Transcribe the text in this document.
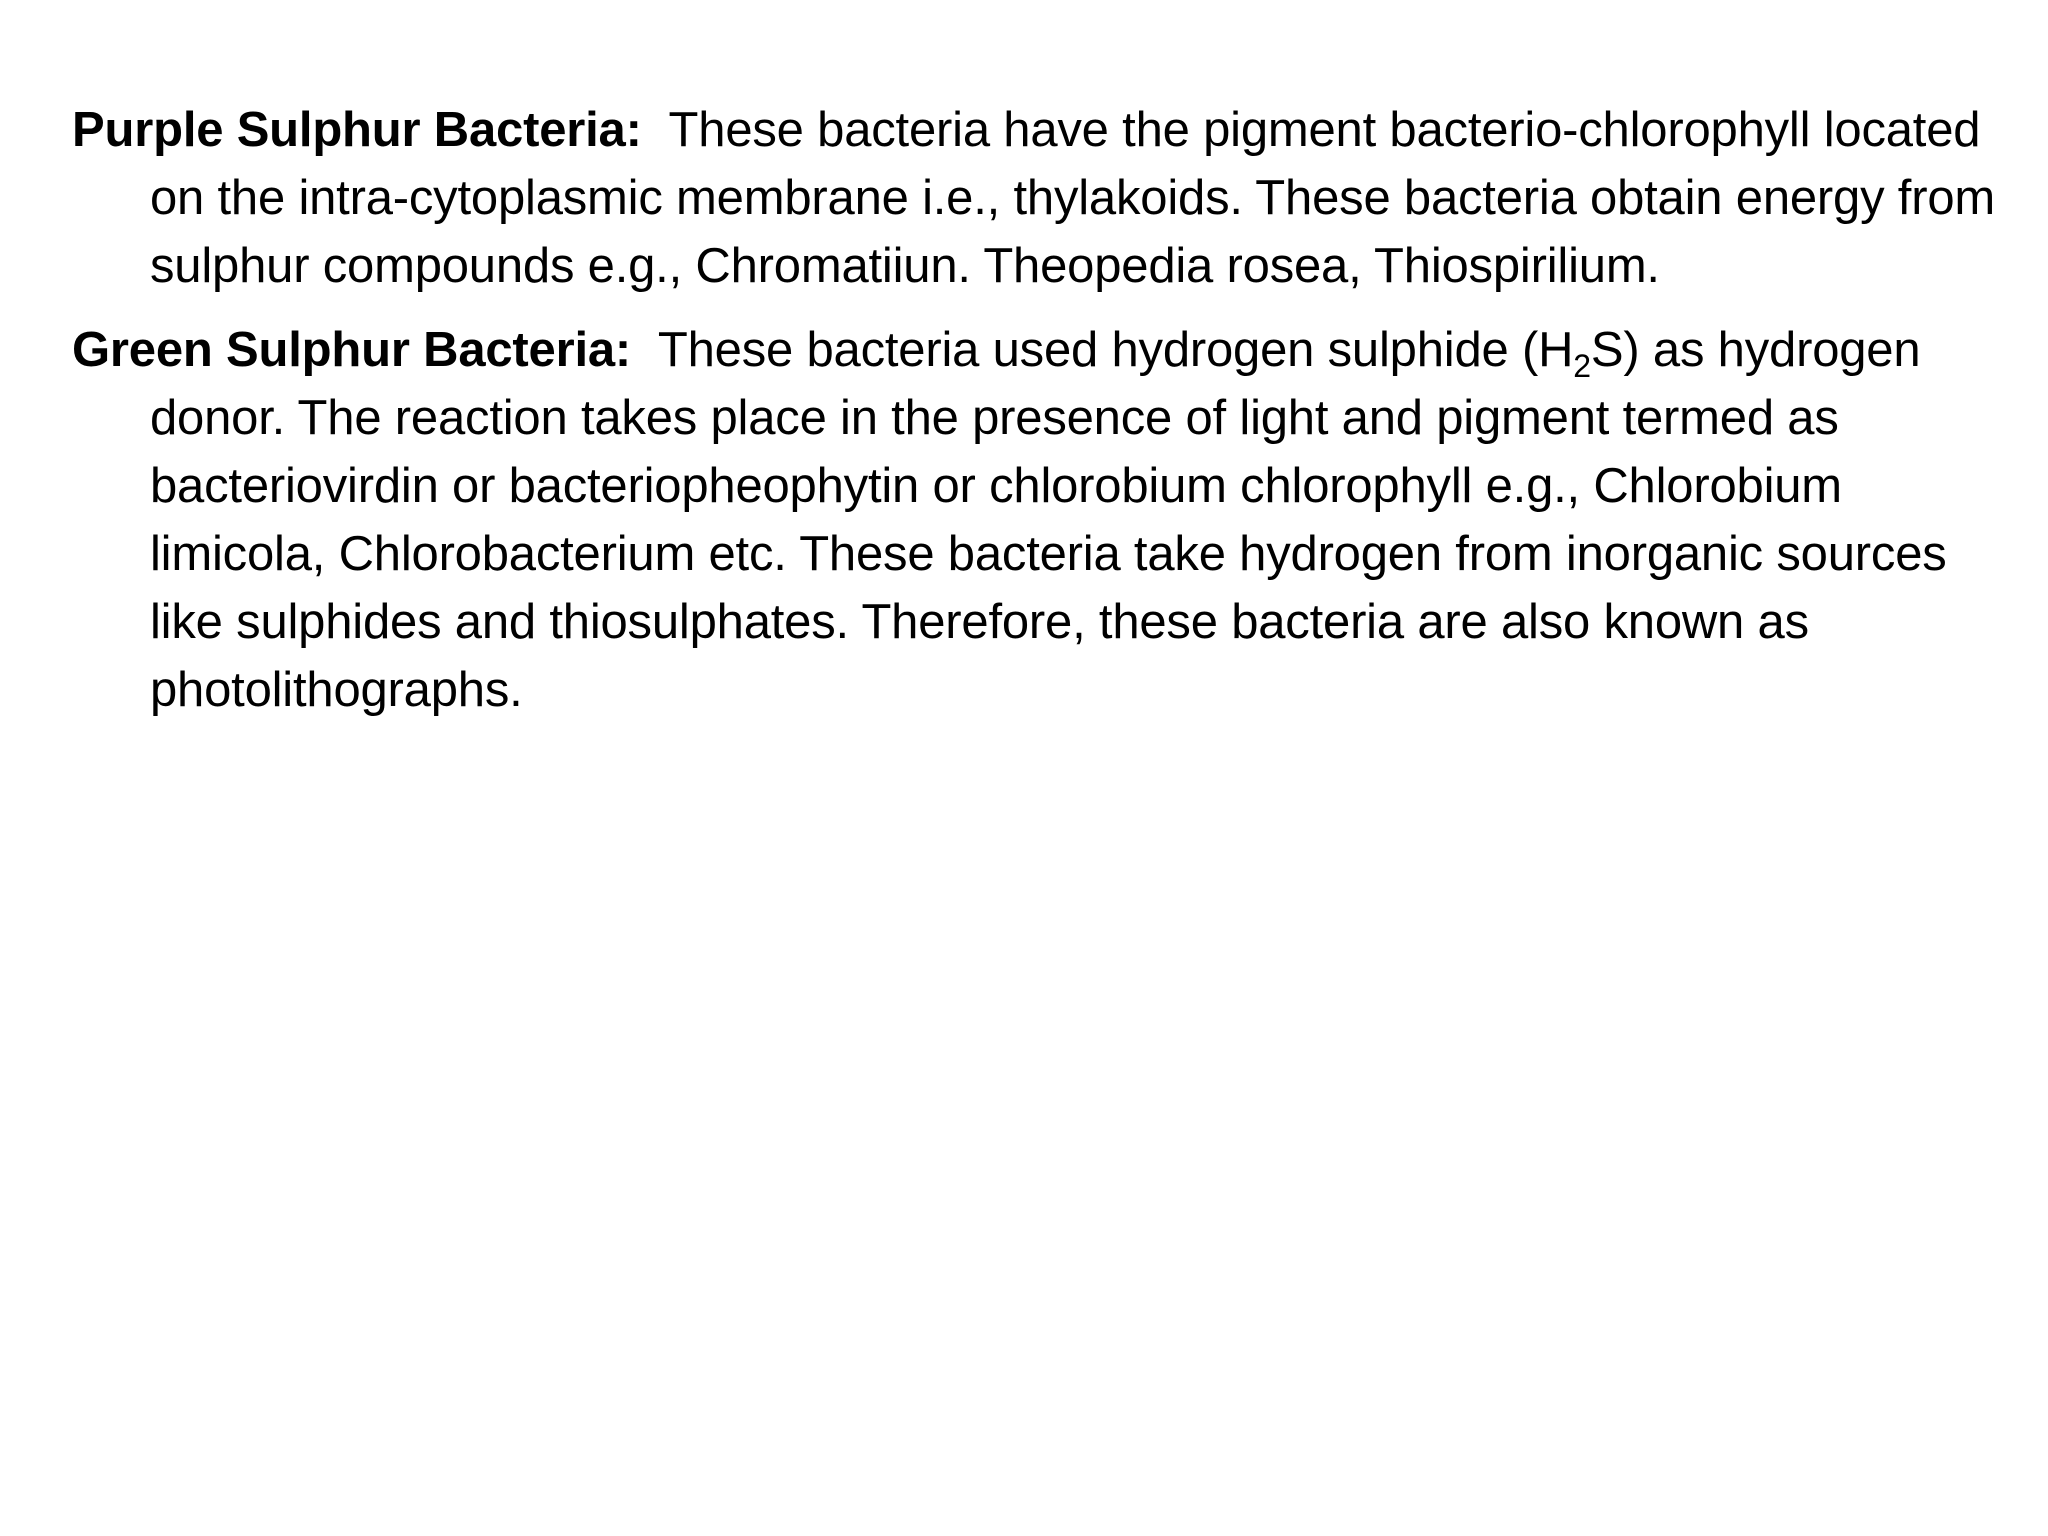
Purple Sulphur Bacteria: These bacteria have the pigment bacterio-chlorophyll located on the intra-cytoplasmic membrane i.e., thylakoids. These bacteria obtain energy from sulphur compounds e.g., Chromatiiun. Theopedia rosea, Thiospirilium.

Green Sulphur Bacteria: These bacteria used hydrogen sulphide $(H_2S)$ as hydrogen donor. The reaction takes place in the presence of light and pigment termed as bacteriovirdin or bacteriopheophytin or chlorobium chlorophyll e.g., Chlorobium limicola, Chlorobacterium etc. These bacteria take hydrogen from inorganic sources like sulphides and thiosulphates. Therefore, these bacteria are also known as photolithographs.
